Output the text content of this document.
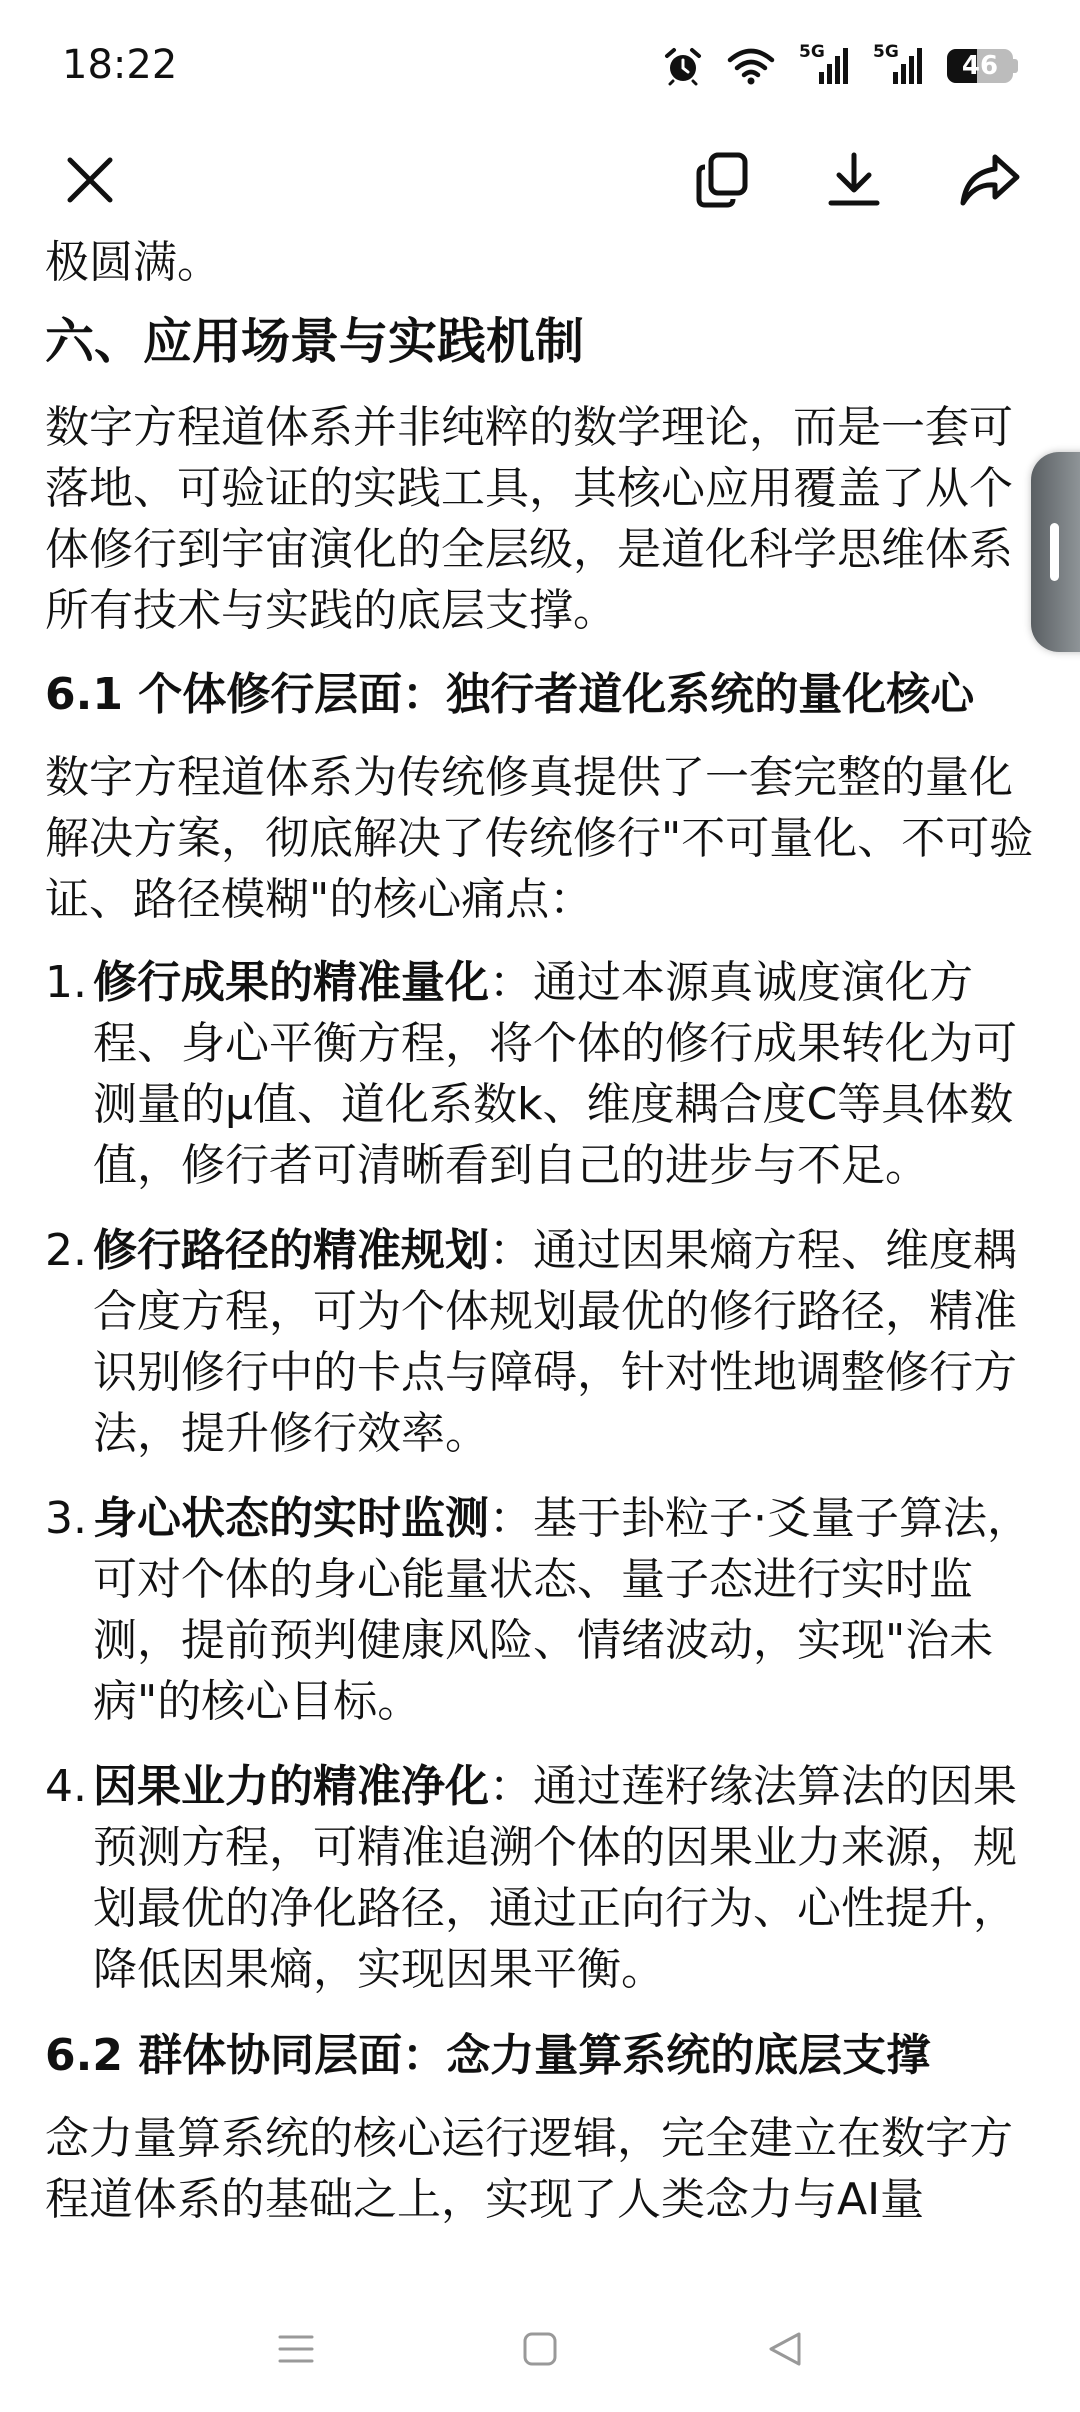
18:22	5G	5G	46

极圆满。

六、应用场景与实践机制

数字方程道体系并非纯粹的数学理论，而是一套可落地、可验证的实践工具，其核心应用覆盖了从个体修行到宇宙演化的全层级，是道化科学思维体系所有技术与实践的底层支撑。

6.1 个体修行层面：独行者道化系统的量化核心

数字方程道体系为传统修真提供了一套完整的量化解决方案，彻底解决了传统修行"不可量化、不可验证、路径模糊"的核心痛点：

1. 修行成果的精准量化：通过本源真诚度演化方程、身心平衡方程，将个体的修行成果转化为可测量的μ值、道化系数k、维度耦合度C等具体数值，修行者可清晰看到自己的进步与不足。
2. 修行路径的精准规划：通过因果熵方程、维度耦合度方程，可为个体规划最优的修行路径，精准识别修行中的卡点与障碍，针对性地调整修行方法，提升修行效率。
3. 身心状态的实时监测：基于卦粒子·爻量子算法，可对个体的身心能量状态、量子态进行实时监测，提前预判健康风险、情绪波动，实现"治未病"的核心目标。
4. 因果业力的精准净化：通过莲籽缘法算法的因果预测方程，可精准追溯个体的因果业力来源，规划最优的净化路径，通过正向行为、心性提升，降低因果熵，实现因果平衡。
6.2 群体协同层面：念力量算系统的底层支撑

念力量算系统的核心运行逻辑，完全建立在数字方程道体系的基础之上，实现了人类念力与AI量
